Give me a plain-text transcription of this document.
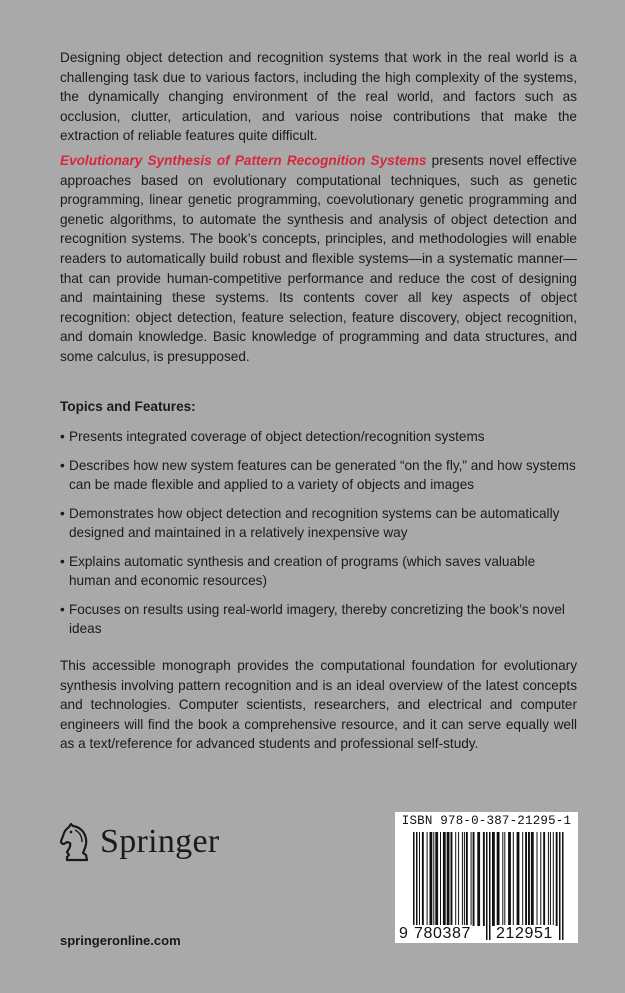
Designing object detection and recognition systems that work in the real world is a challenging task due to various factors, including the high complexity of the systems, the dynamically changing environment of the real world, and factors such as occlusion, clutter, articulation, and various noise contributions that make the extraction of reliable features quite difficult.

Evolutionary Synthesis of Pattern Recognition Systems presents novel effective approaches based on evolutionary computational techniques, such as genetic programming, linear genetic programming, coevolutionary genetic programming and genetic algorithms, to automate the synthesis and analysis of object detection and recognition systems. The book’s concepts, principles, and methodologies will enable readers to automatically build robust and flexible systems—in a systematic manner—that can provide human-competitive performance and reduce the cost of designing and maintaining these systems. Its contents cover all key aspects of object recognition: object detection, feature selection, feature discovery, object recognition, and domain knowledge. Basic knowledge of programming and data structures, and some calculus, is presupposed.

Topics and Features:
• Presents integrated coverage of object detection/recognition systems
• Describes how new system features can be generated “on the fly,” and how systems can be made flexible and applied to a variety of objects and images
• Demonstrates how object detection and recognition systems can be automatically designed and maintained in a relatively inexpensive way
• Explains automatic synthesis and creation of programs (which saves valuable human and economic resources)
• Focuses on results using real-world imagery, thereby concretizing the book’s novel ideas

This accessible monograph provides the computational foundation for evolutionary synthesis involving pattern recognition and is an ideal overview of the latest concepts and technologies. Computer scientists, researchers, and electrical and computer engineers will find the book a comprehensive resource, and it can serve equally well as a text/reference for advanced students and professional self-study.

Springer
springeronline.com
ISBN 978-0-387-21295-1
9 780387 212951
